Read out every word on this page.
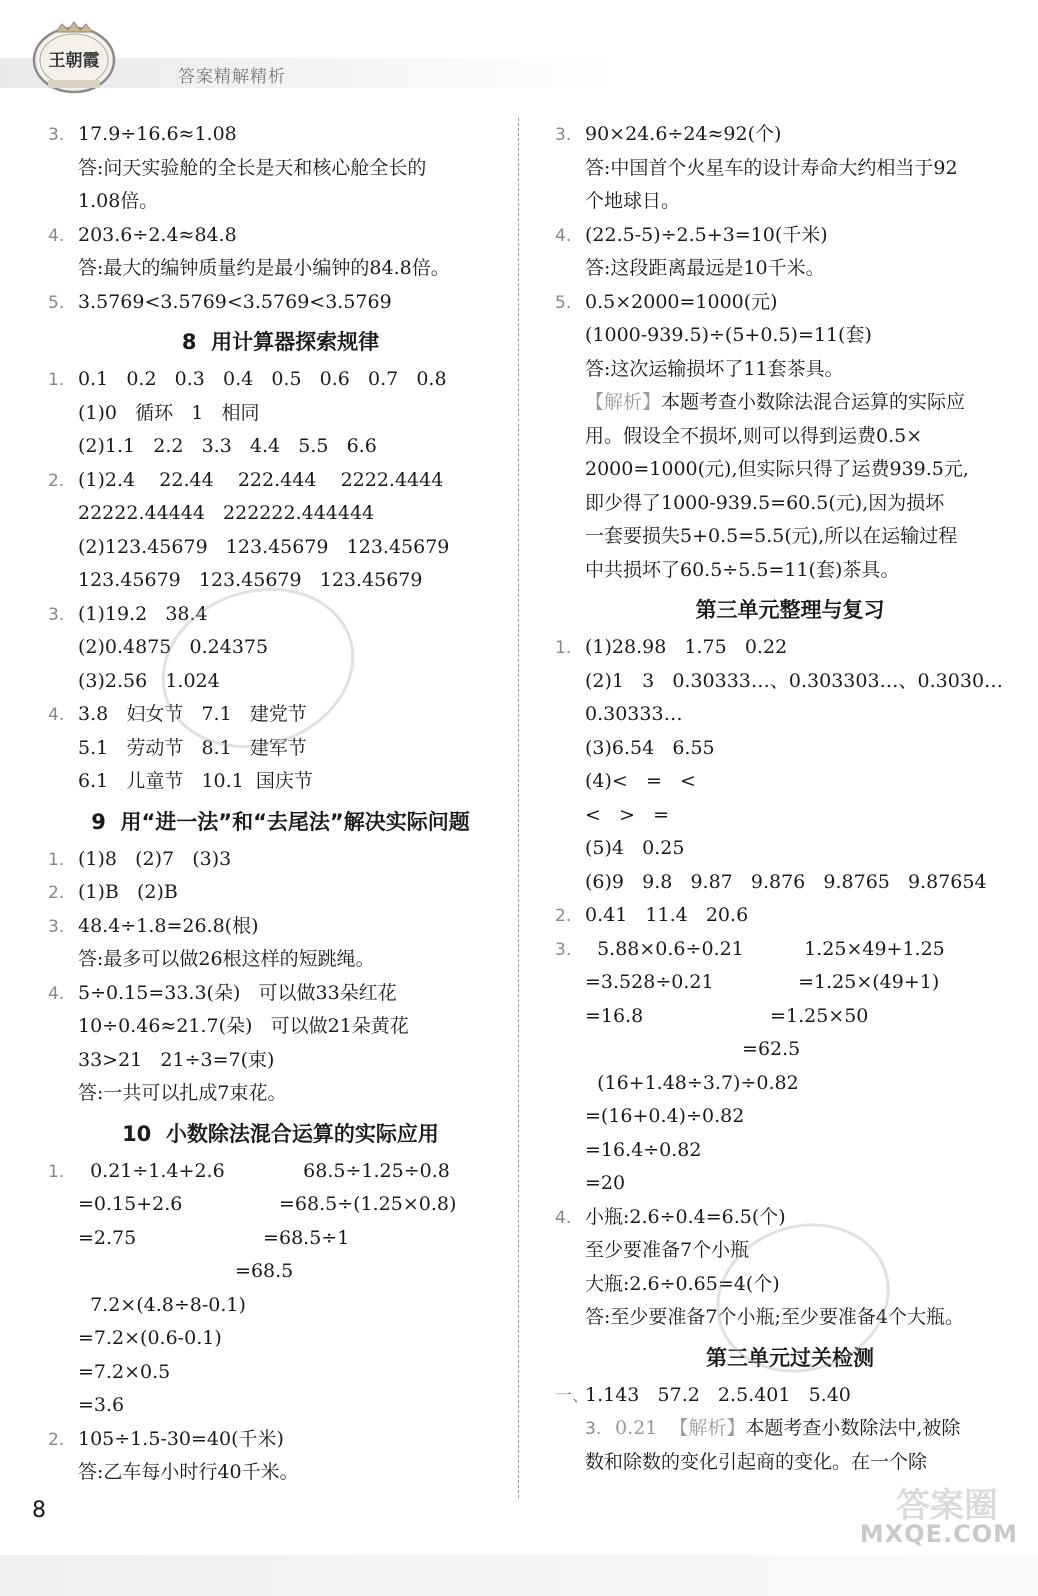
王朝霞
答案精解精析
3. 17.9÷16.6≈1.08
答:问天实验舱的全长是天和核心舱全长的
1.08倍。
4. 203.6÷2.4≈84.8
答:最大的编钟质量约是最小编钟的84.8倍。
5. 3.5769<3.5769<3.5769<3.5769
8  用计算器探索规律
1. 0.1   0.2   0.3   0.4   0.5   0.6   0.7   0.8
(1)0   循环   1   相同
(2)1.1   2.2   3.3   4.4   5.5   6.6
2. (1)2.4    22.44    222.444    2222.4444
22222.44444   222222.444444
(2)123.45679   123.45679   123.45679
123.45679   123.45679   123.45679
3. (1)19.2   38.4
(2)0.4875   0.24375
(3)2.56   1.024
4. 3.8   妇女节   7.1   建党节
5.1   劳动节   8.1   建军节
6.1   儿童节   10.1  国庆节
9  用“进一法”和“去尾法”解决实际问题
1. (1)8   (2)7   (3)3
2. (1)B   (2)B
3. 48.4÷1.8=26.8(根)
答:最多可以做26根这样的短跳绳。
4. 5÷0.15=33.3(朵)   可以做33朵红花
10÷0.46≈21.7(朵)   可以做21朵黄花
33>21   21÷3=7(束)
答:一共可以扎成7束花。
10  小数除法混合运算的实际应用
1.  0.21÷1.4+2.6             68.5÷1.25÷0.8
=0.15+2.6                =68.5÷(1.25×0.8)
=2.75                     =68.5÷1
=68.5
7.2×(4.8÷8-0.1)
=7.2×(0.6-0.1)
=7.2×0.5
=3.6
2. 105÷1.5-30=40(千米)
答:乙车每小时行40千米。
3. 90×24.6÷24≈92(个)
答:中国首个火星车的设计寿命大约相当于92
个地球日。
4. (22.5-5)÷2.5+3=10(千米)
答:这段距离最远是10千米。
5. 0.5×2000=1000(元)
(1000-939.5)÷(5+0.5)=11(套)
答:这次运输损坏了11套茶具。
【解析】本题考查小数除法混合运算的实际应
用。假设全不损坏,则可以得到运费0.5×
2000=1000(元),但实际只得了运费939.5元,
即少得了1000-939.5=60.5(元),因为损坏
一套要损失5+0.5=5.5(元),所以在运输过程
中共损坏了60.5÷5.5=11(套)茶具。
第三单元整理与复习
1. (1)28.98   1.75   0.22
(2)1   3   0.30333…、0.303303…、0.3030…
0.30333…
(3)6.54   6.55
(4)<   =   <
<   >   =
(5)4   0.25
(6)9   9.8   9.87   9.876   9.8765   9.87654
2. 0.41   11.4   20.6
3.  5.88×0.6÷0.21          1.25×49+1.25
=3.528÷0.21              =1.25×(49+1)
=16.8                     =1.25×50
=62.5
(16+1.48÷3.7)÷0.82
=(16+0.4)÷0.82
=16.4÷0.82
=20
4. 小瓶:2.6÷0.4=6.5(个)
至少要准备7个小瓶
大瓶:2.6÷0.65=4(个)
答:至少要准备7个小瓶;至少要准备4个大瓶。
第三单元过关检测
一、1.143   57.2   2.5.401   5.40
3. 0.21  【解析】本题考查小数除法中,被除
数和除数的变化引起商的变化。在一个除
8	答案圈
MXQE.COM
